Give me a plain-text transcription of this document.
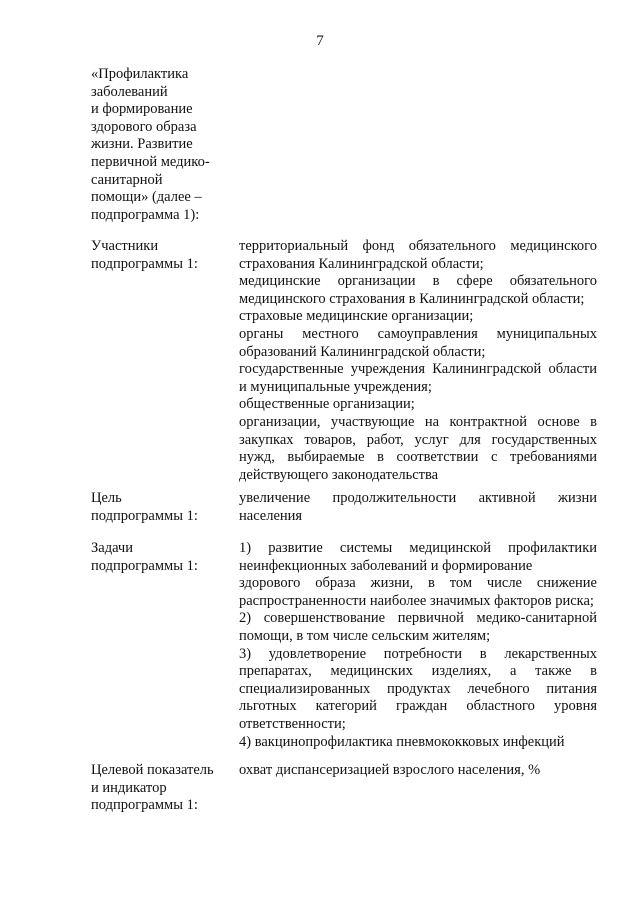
7
«Профилактика
заболеваний
и формирование
здорового образа
жизни. Развитие
первичной медико-
санитарной
помощи» (далее –
подпрограмма 1):
Участники
подпрограммы 1:
территориальный фонд обязательного медицинского страхования Калининградской области;
медицинские организации в сфере обязательного медицинского страхования в Калининградской области;
страховые медицинские организации;
органы местного самоуправления муниципальных образований Калининградской области;
государственные учреждения Калининградской области и муниципальные учреждения;
общественные организации;
организации, участвующие на контрактной основе в закупках товаров, работ, услуг для государственных нужд, выбираемые в соответствии с требованиями действующего законодательства
Цель
подпрограммы 1:
увеличение продолжительности активной жизни населения
Задачи
подпрограммы 1:
1) развитие системы медицинской профилактики неинфекционных заболеваний и формирование
здорового образа жизни, в том числе снижение распространенности наиболее значимых факторов риска;
2) совершенствование первичной медико-санитарной помощи, в том числе сельским жителям;
3) удовлетворение потребности в лекарственных препаратах, медицинских изделиях, а также в специализированных продуктах лечебного питания льготных категорий граждан областного уровня ответственности;
4) вакцинопрофилактика пневмококковых инфекций
Целевой показатель
и индикатор
подпрограммы 1:
охват диспансеризацией взрослого населения, %
